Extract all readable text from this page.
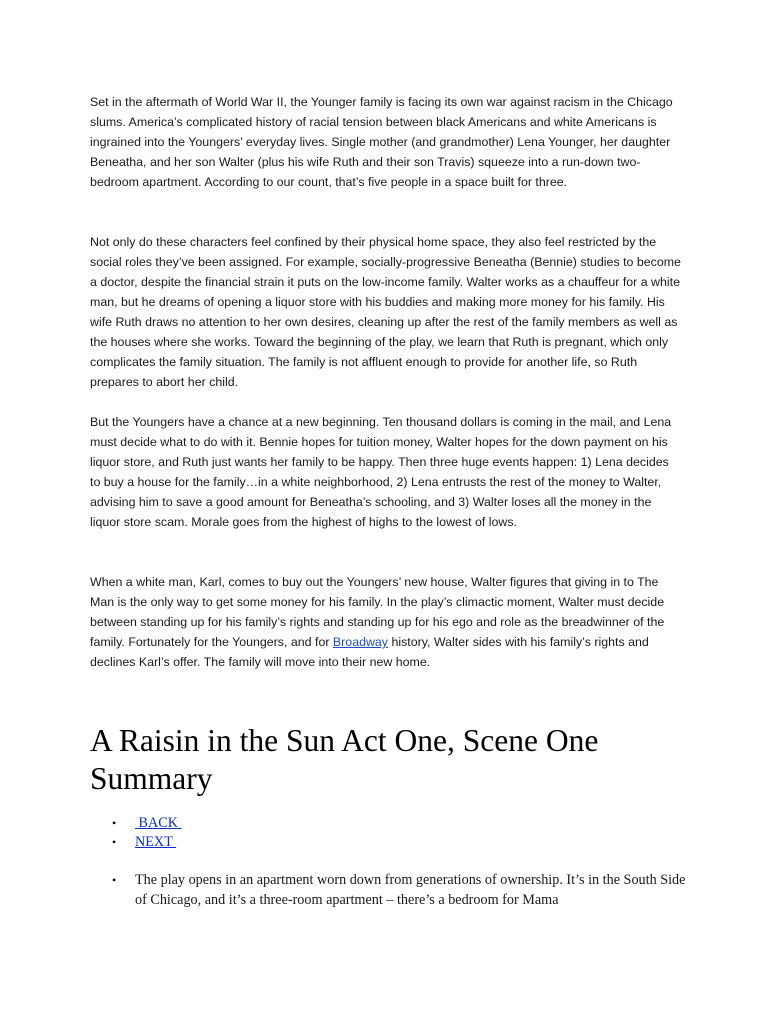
Set in the aftermath of World War II, the Younger family is facing its own war against racism in the Chicago slums. America’s complicated history of racial tension between black Americans and white Americans is ingrained into the Youngers’ everyday lives. Single mother (and grandmother) Lena Younger, her daughter Beneatha, and her son Walter (plus his wife Ruth and their son Travis) squeeze into a run-down two-bedroom apartment. According to our count, that’s five people in a space built for three.

Not only do these characters feel confined by their physical home space, they also feel restricted by the social roles they’ve been assigned. For example, socially-progressive Beneatha (Bennie) studies to become a doctor, despite the financial strain it puts on the low-income family. Walter works as a chauffeur for a white man, but he dreams of opening a liquor store with his buddies and making more money for his family. His wife Ruth draws no attention to her own desires, cleaning up after the rest of the family members as well as the houses where she works. Toward the beginning of the play, we learn that Ruth is pregnant, which only complicates the family situation. The family is not affluent enough to provide for another life, so Ruth prepares to abort her child.

But the Youngers have a chance at a new beginning. Ten thousand dollars is coming in the mail, and Lena must decide what to do with it. Bennie hopes for tuition money, Walter hopes for the down payment on his liquor store, and Ruth just wants her family to be happy. Then three huge events happen: 1) Lena decides to buy a house for the family…in a white neighborhood, 2) Lena entrusts the rest of the money to Walter, advising him to save a good amount for Beneatha’s schooling, and 3) Walter loses all the money in the liquor store scam. Morale goes from the highest of highs to the lowest of lows.

When a white man, Karl, comes to buy out the Youngers’ new house, Walter figures that giving in to The Man is the only way to get some money for his family. In the play’s climactic moment, Walter must decide between standing up for his family’s rights and standing up for his ego and role as the breadwinner of the family. Fortunately for the Youngers, and for Broadway history, Walter sides with his family’s rights and declines Karl’s offer. The family will move into their new home.

A Raisin in the Sun Act One, Scene One Summary
• BACK
• NEXT
• The play opens in an apartment worn down from generations of ownership. It’s in the South Side of Chicago, and it’s a three-room apartment – there’s a bedroom for Mama
